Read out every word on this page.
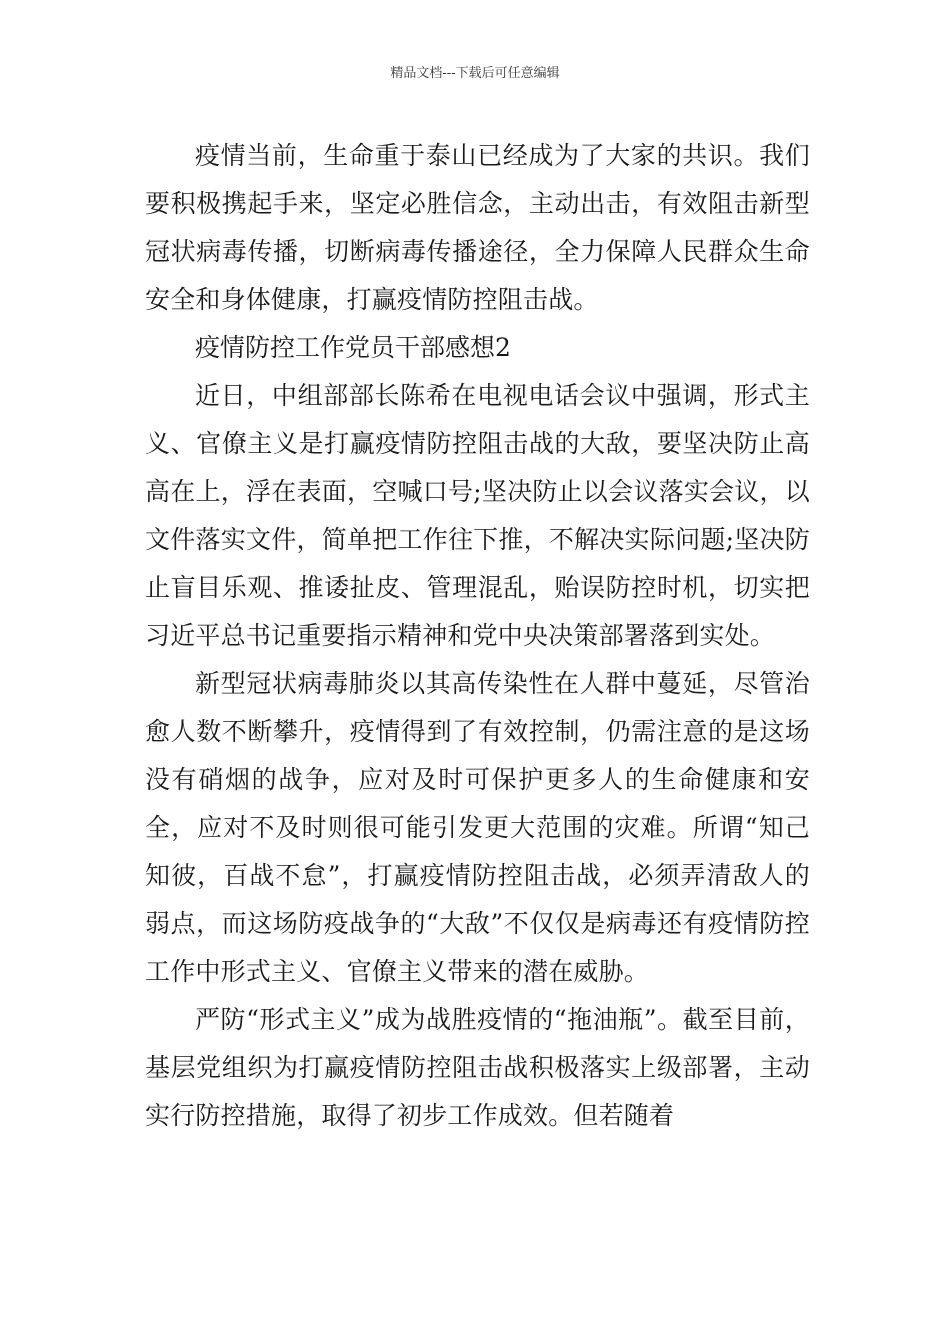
精品文档---下载后可任意编辑

疫情当前，生命重于泰山已经成为了大家的共识。我们要积极携起手来，坚定必胜信念，主动出击，有效阻击新型冠状病毒传播，切断病毒传播途径，全力保障人民群众生命安全和身体健康，打赢疫情防控阻击战。

疫情防控工作党员干部感想2

近日，中组部部长陈希在电视电话会议中强调，形式主义、官僚主义是打赢疫情防控阻击战的大敌，要坚决防止高高在上，浮在表面，空喊口号;坚决防止以会议落实会议，以文件落实文件，简单把工作往下推，不解决实际问题;坚决防止盲目乐观、推诿扯皮、管理混乱，贻误防控时机，切实把习近平总书记重要指示精神和党中央决策部署落到实处。

新型冠状病毒肺炎以其高传染性在人群中蔓延，尽管治愈人数不断攀升，疫情得到了有效控制，仍需注意的是这场没有硝烟的战争，应对及时可保护更多人的生命健康和安全，应对不及时则很可能引发更大范围的灾难。所谓“知己知彼，百战不怠”，打赢疫情防控阻击战，必须弄清敌人的弱点，而这场防疫战争的“大敌”不仅仅是病毒还有疫情防控工作中形式主义、官僚主义带来的潜在威胁。

严防“形式主义”成为战胜疫情的“拖油瓶”。截至目前，基层党组织为打赢疫情防控阻击战积极落实上级部署，主动实行防控措施，取得了初步工作成效。但若随着
